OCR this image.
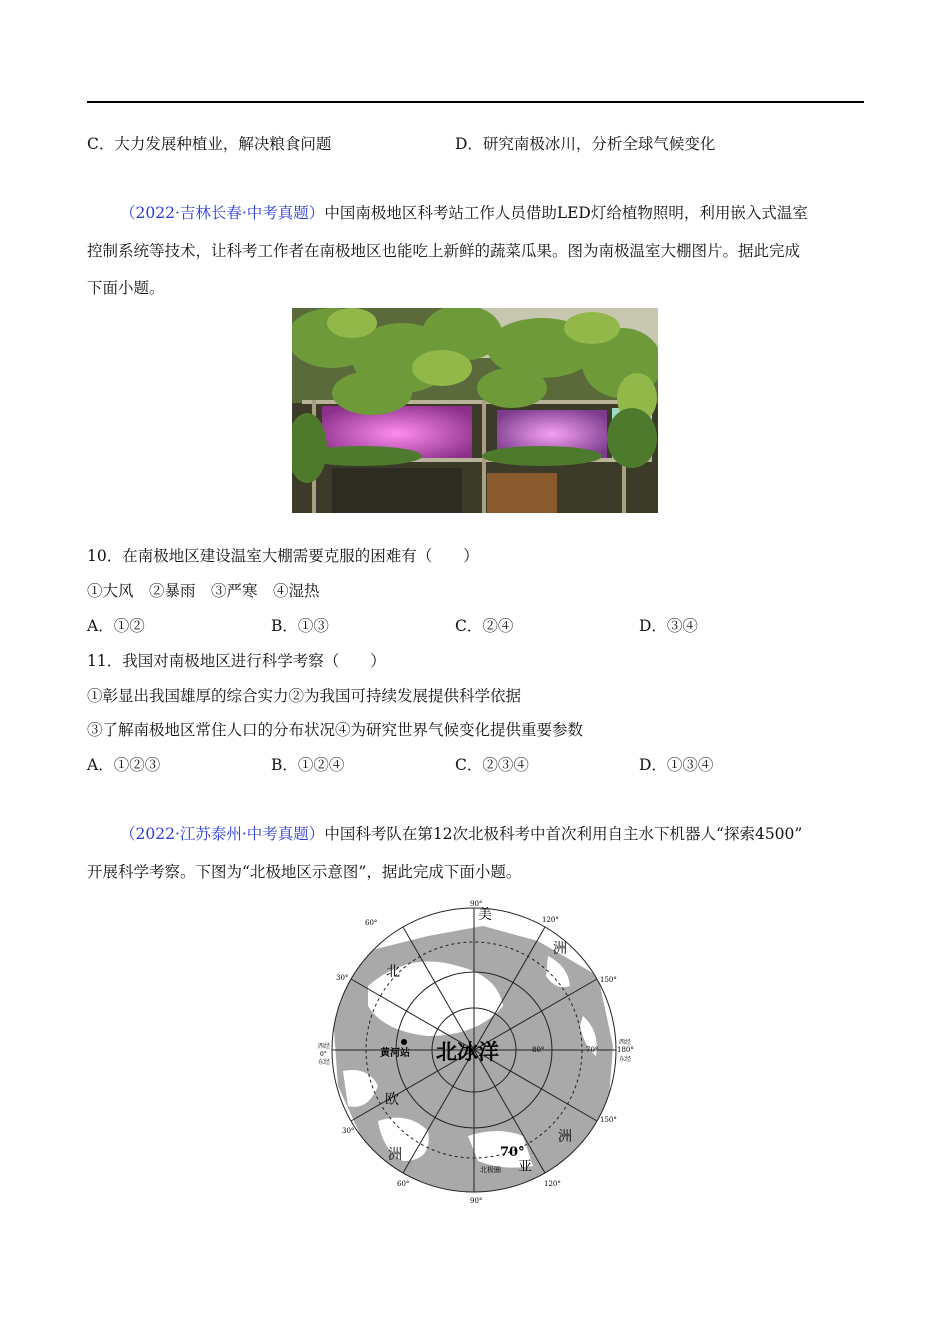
C．大力发展种植业，解决粮食问题	D．研究南极冰川，分析全球气候变化
（2022·吉林长春·中考真题）中国南极地区科考站工作人员借助LED灯给植物照明，利用嵌入式温室
控制系统等技术，让科考工作者在南极地区也能吃上新鲜的蔬菜瓜果。图为南极温室大棚图片。据此完成
下面小题。
10．在南极地区建设温室大棚需要克服的困难有（　　）
①大风　②暴雨　③严寒　④湿热
A．①②	B．①③	C．②④	D．③④
11．我国对南极地区进行科学考察（　　）
①彰显出我国雄厚的综合实力②为我国可持续发展提供科学依据
③了解南极地区常住人口的分布状况④为研究世界气候变化提供重要参数
A．①②③	B．①②④	C．②③④	D．①③④
（2022·江苏泰州·中考真题）中国科考队在第12次北极科考中首次利用自主水下机器人“探索4500”
开展科学考察。下图为“北极地区示意图”，据此完成下面小题。
北冰洋
黄河站
美
洲
北
欧
洲
洲
亚
80°
70°
70°
北极圈
90°
60°	120°
30°	150°
西经
0°
东经
180°
西经
东经
30°
150°
60°	120°
90°
